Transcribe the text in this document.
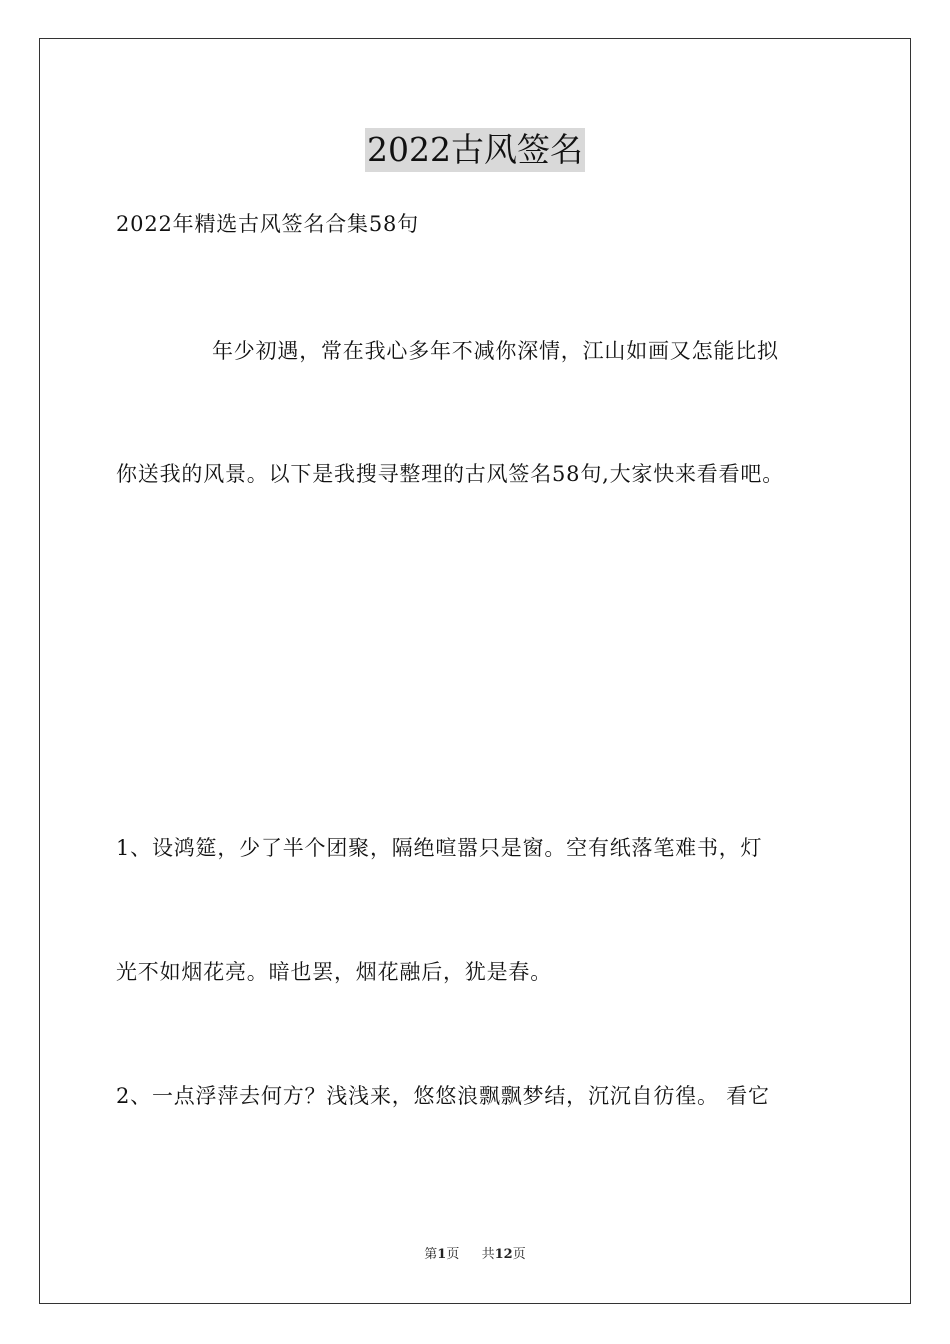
2022古风签名
2022年精选古风签名合集58句
年少初遇，常在我心多年不减你深情，江山如画又怎能比拟
你送我的风景。以下是我搜寻整理的古风签名58句,大家快来看看吧。
1、设鸿筵，少了半个团聚，隔绝喧嚣只是窗。空有纸落笔难书，灯
光不如烟花亮。暗也罢，烟花融后，犹是春。
2、一点浮萍去何方？浅浅来，悠悠浪飘飘梦结，沉沉自彷徨。 看它
第1页 共12页
